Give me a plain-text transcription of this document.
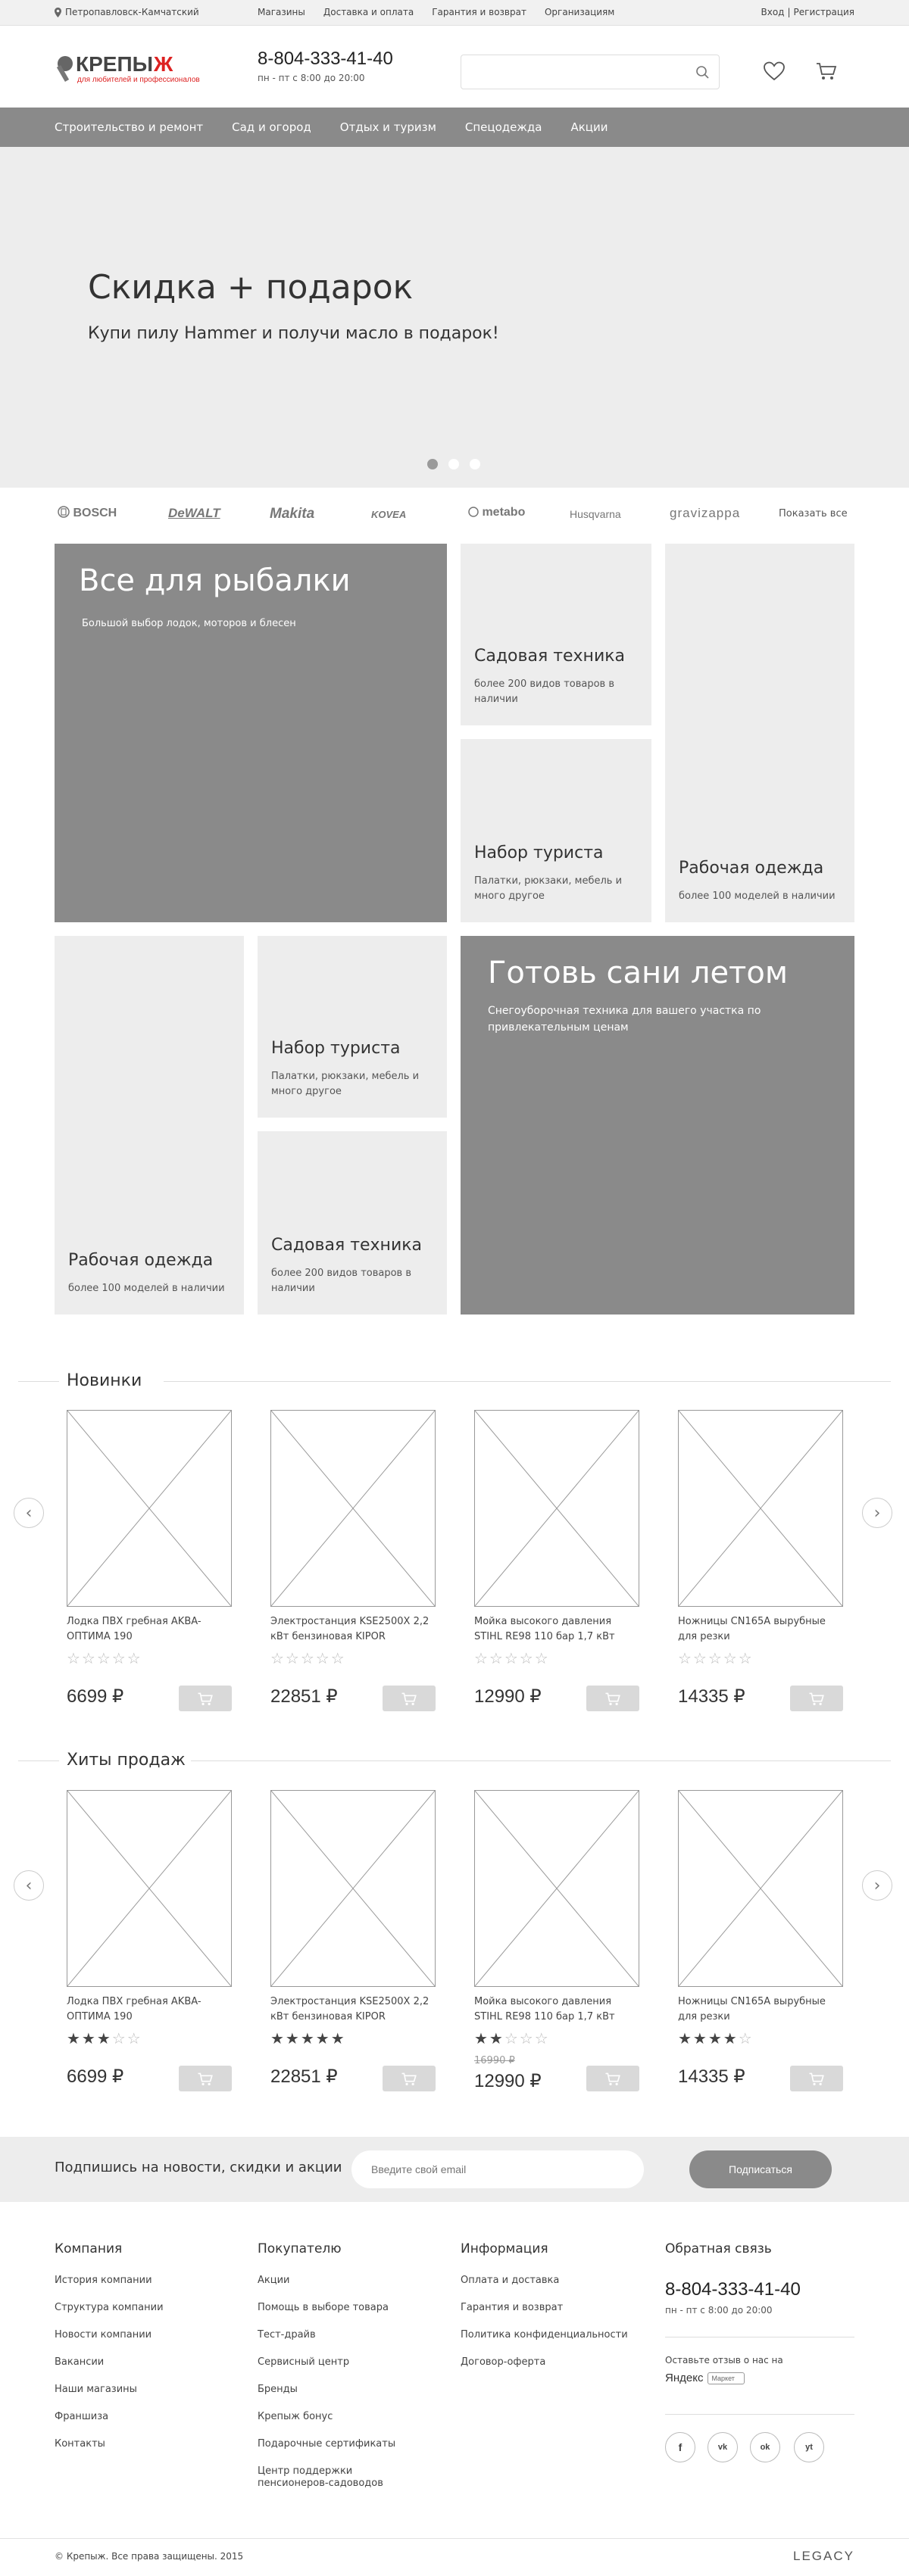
Петропавловск-Камчатский	Магазины Доставка и оплата Гарантия и возврат Организациям	Вход | Регистрация
КРЕПЫ Ж
для любителей и профессионалов
8-804-333-41-40
пн - пт с 8:00 до 20:00
Строительство и ремонт	Сад и огород	Отдых и туризм	Спецодежда	Акции
Скидка + подарок

Купи пилу Hammer и получи масло в подарок!

BOSCH	DeWALT	Makita	KOVEA	metabo	Husqvarna	gravizappa	Показать все
Все для рыбалки
Большой выбор лодок, моторов и блесен
Садовая техника
более 200 видов товаров в наличии
Набор туриста
Палатки, рюкзаки, мебель и много другое
Рабочая одежда
более 100 моделей в наличии
Рабочая одежда
более 100 моделей в наличии
Набор туриста
Палатки, рюкзаки, мебель и много другое
Садовая техника
более 200 видов товаров в наличии
Готовь сани летом
Снегоуборочная техника для вашего участка по привлекательным ценам
Новинки
‹	›
Лодка ПВХ гребная AKBA-ОПТИМА 190
☆☆☆☆☆
6699 ₽
Электростанция KSE2500X 2,2 кВт бензиновая KIPOR
☆☆☆☆☆
22851 ₽
Мойка высокого давления STIHL RE98 110 бар 1,7 кВт
☆☆☆☆☆
12990 ₽
Ножницы CN165A вырубные для резки
☆☆☆☆☆
14335 ₽
Хиты продаж
‹	›
Лодка ПВХ гребная AKBA-ОПТИМА 190
★★★☆☆
6699 ₽
Электростанция KSE2500X 2,2 кВт бензиновая KIPOR
★★★★★
22851 ₽
Мойка высокого давления STIHL RE98 110 бар 1,7 кВт
★★☆☆☆
16990 ₽
12990 ₽
Ножницы CN165A вырубные для резки
★★★★☆
14335 ₽
Подпишись на новости, скидки и акции
Введите свой email	Подписаться
Компания
История компании
Структура компании
Новости компании
Вакансии
Наши магазины
Франшиза
Контакты
Покупателю
Акции
Помощь в выборе товара
Тест-драйв
Сервисный центр
Бренды
Крепыж бонус
Подарочные сертификаты
Центр поддержки пенсионеров-садоводов
Информация
Оплата и доставка
Гарантия и возврат
Политика конфиденциальности
Договор-оферта
Обратная связь
8-804-333-41-40
пн - пт с 8:00 до 20:00
Оставьте отзыв о нас на
Яндекс	Маркет
f	vk	ok	yt
© Крепыж. Все права защищены. 2015	LEGACY
